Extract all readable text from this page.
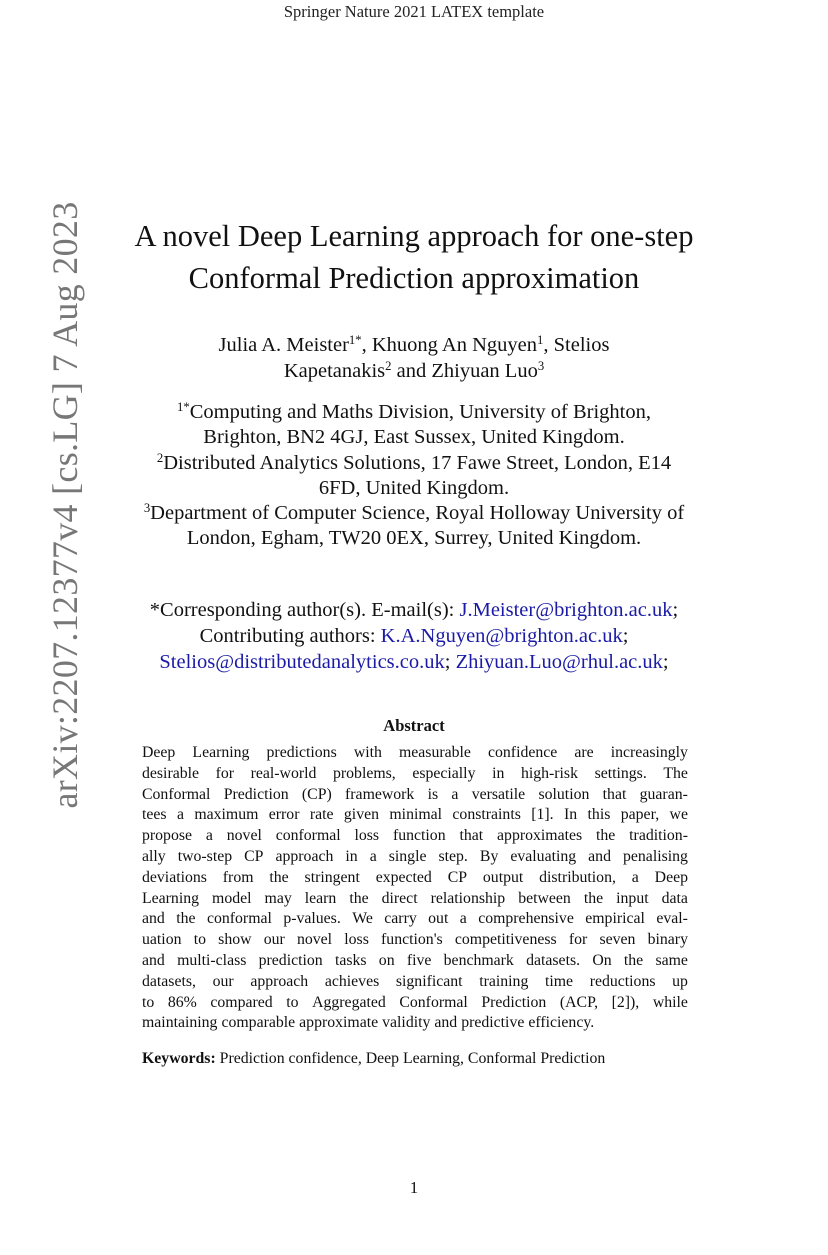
Springer Nature 2021 LATEX template
arXiv:2207.12377v4 [cs.LG] 7 Aug 2023	A novel Deep Learning approach for one-step
Conformal Prediction approximation
Julia A. Meister$^{1*}$, Khuong An Nguyen$^1$, Stelios
Kapetanakis$^2$ and Zhiyuan Luo$^3$
$^{1*}$Computing and Maths Division, University of Brighton,
Brighton, BN2 4GJ, East Sussex, United Kingdom.
$^2$Distributed Analytics Solutions, 17 Fawe Street, London, E14
6FD, United Kingdom.
$^3$Department of Computer Science, Royal Holloway University of
London, Egham, TW20 0EX, Surrey, United Kingdom.
*Corresponding author(s). E-mail(s): J.Meister@brighton.ac.uk;
Contributing authors: K.A.Nguyen@brighton.ac.uk;
Stelios@distributedanalytics.co.uk; Zhiyuan.Luo@rhul.ac.uk;
Abstract
Deep Learning predictions with measurable confidence are increasingly
desirable for real-world problems, especially in high-risk settings. The
Conformal Prediction (CP) framework is a versatile solution that guaran-
tees a maximum error rate given minimal constraints [1]. In this paper, we
propose a novel conformal loss function that approximates the tradition-
ally two-step CP approach in a single step. By evaluating and penalising
deviations from the stringent expected CP output distribution, a Deep
Learning model may learn the direct relationship between the input data
and the conformal p-values. We carry out a comprehensive empirical eval-
uation to show our novel loss function's competitiveness for seven binary
and multi-class prediction tasks on five benchmark datasets. On the same
datasets, our approach achieves significant training time reductions up
to 86% compared to Aggregated Conformal Prediction (ACP, [2]), while
maintaining comparable approximate validity and predictive efficiency.
Keywords: Prediction confidence, Deep Learning, Conformal Prediction
1
